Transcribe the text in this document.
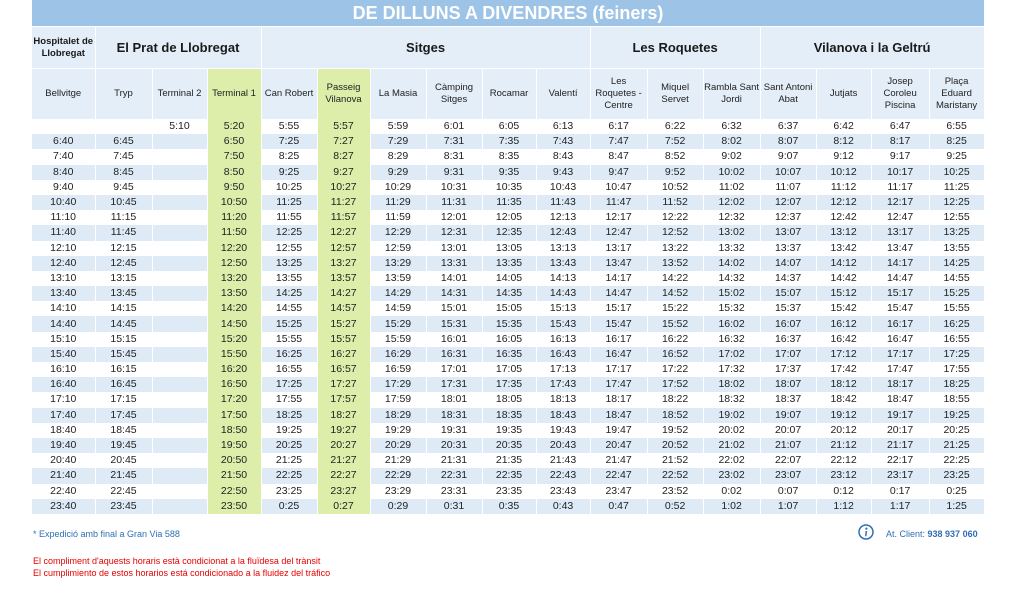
DE DILLUNS A DIVENDRES (feiners)
Hospitalet de Llobregat	El Prat de Llobregat			Sitges						Les Roquetes			Vilanova i la Geltrú			
Bellvitge	Tryp	Terminal 2	Terminal 1	Can Robert	Passeig Vilanova	La Masia	Càmping Sitges	Rocamar	Valentí	Les Roquetes - Centre	Miquel Servet	Rambla Sant Jordi	Sant Antoni Abat	Jutjats	Josep Coroleu Piscina	Plaça Eduard Maristany
		5:10	5:20	5:55	5:57	5:59	6:01	6:05	6:13	6:17	6:22	6:32	6:37	6:42	6:47	6:55
6:40	6:45		6:50	7:25	7:27	7:29	7:31	7:35	7:43	7:47	7:52	8:02	8:07	8:12	8:17	8:25
7:40	7:45		7:50	8:25	8:27	8:29	8:31	8:35	8:43	8:47	8:52	9:02	9:07	9:12	9:17	9:25
8:40	8:45		8:50	9:25	9:27	9:29	9:31	9:35	9:43	9:47	9:52	10:02	10:07	10:12	10:17	10:25
9:40	9:45		9:50	10:25	10:27	10:29	10:31	10:35	10:43	10:47	10:52	11:02	11:07	11:12	11:17	11:25
10:40	10:45		10:50	11:25	11:27	11:29	11:31	11:35	11:43	11:47	11:52	12:02	12:07	12:12	12:17	12:25
11:10	11:15		11:20	11:55	11:57	11:59	12:01	12:05	12:13	12:17	12:22	12:32	12:37	12:42	12:47	12:55
11:40	11:45		11:50	12:25	12:27	12:29	12:31	12:35	12:43	12:47	12:52	13:02	13:07	13:12	13:17	13:25
12:10	12:15		12:20	12:55	12:57	12:59	13:01	13:05	13:13	13:17	13:22	13:32	13:37	13:42	13:47	13:55
12:40	12:45		12:50	13:25	13:27	13:29	13:31	13:35	13:43	13:47	13:52	14:02	14:07	14:12	14:17	14:25
13:10	13:15		13:20	13:55	13:57	13:59	14:01	14:05	14:13	14:17	14:22	14:32	14:37	14:42	14:47	14:55
13:40	13:45		13:50	14:25	14:27	14:29	14:31	14:35	14:43	14:47	14:52	15:02	15:07	15:12	15:17	15:25
14:10	14:15		14:20	14:55	14:57	14:59	15:01	15:05	15:13	15:17	15:22	15:32	15:37	15:42	15:47	15:55
14:40	14:45		14:50	15:25	15:27	15:29	15:31	15:35	15:43	15:47	15:52	16:02	16:07	16:12	16:17	16:25
15:10	15:15		15:20	15:55	15:57	15:59	16:01	16:05	16:13	16:17	16:22	16:32	16:37	16:42	16:47	16:55
15:40	15:45		15:50	16:25	16:27	16:29	16:31	16:35	16:43	16:47	16:52	17:02	17:07	17:12	17:17	17:25
16:10	16:15		16:20	16:55	16:57	16:59	17:01	17:05	17:13	17:17	17:22	17:32	17:37	17:42	17:47	17:55
16:40	16:45		16:50	17:25	17:27	17:29	17:31	17:35	17:43	17:47	17:52	18:02	18:07	18:12	18:17	18:25
17:10	17:15		17:20	17:55	17:57	17:59	18:01	18:05	18:13	18:17	18:22	18:32	18:37	18:42	18:47	18:55
17:40	17:45		17:50	18:25	18:27	18:29	18:31	18:35	18:43	18:47	18:52	19:02	19:07	19:12	19:17	19:25
18:40	18:45		18:50	19:25	19:27	19:29	19:31	19:35	19:43	19:47	19:52	20:02	20:07	20:12	20:17	20:25
19:40	19:45		19:50	20:25	20:27	20:29	20:31	20:35	20:43	20:47	20:52	21:02	21:07	21:12	21:17	21:25
20:40	20:45		20:50	21:25	21:27	21:29	21:31	21:35	21:43	21:47	21:52	22:02	22:07	22:12	22:17	22:25
21:40	21:45		21:50	22:25	22:27	22:29	22:31	22:35	22:43	22:47	22:52	23:02	23:07	23:12	23:17	23:25
22:40	22:45		22:50	23:25	23:27	23:29	23:31	23:35	23:43	23:47	23:52	0:02	0:07	0:12	0:17	0:25
23:40	23:45		23:50	0:25	0:27	0:29	0:31	0:35	0:43	0:47	0:52	1:02	1:07	1:12	1:17	1:25
* Expedició amb final a Gran Via 588	At. Client: 938 937 060
El compliment d'aquests horaris està condicionat a la fluïdesa del trànsit
El cumplimiento de estos horarios está condicionado a la fluidez del tráfico
